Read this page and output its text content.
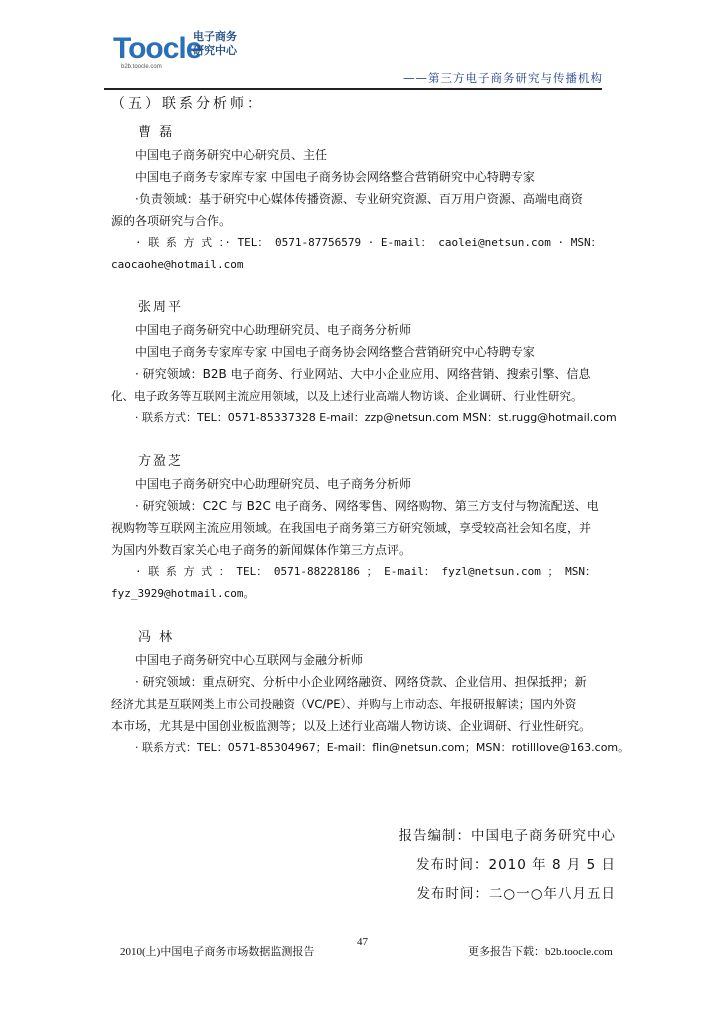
Toocle
电子商务
研究中心
b2b.toocle.com
——第三方电子商务研究与传播机构
（五）联系分析师：
曹 磊
中国电子商务研究中心研究员、主任
中国电子商务专家库专家 中国电子商务协会网络整合营销研究中心特聘专家
·负责领域：基于研究中心媒体传播资源、专业研究资源、百万用户资源、高端电商资
源的各项研究与合作。
· 联 系 方 式 ：· TEL： 0571-87756579 · E-mail： caolei@netsun.com · MSN：
caocaohe@hotmail.com
张周平
中国电子商务研究中心助理研究员、电子商务分析师
中国电子商务专家库专家 中国电子商务协会网络整合营销研究中心特聘专家
· 研究领域：B2B 电子商务、行业网站、大中小企业应用、网络营销、搜索引擎、信息
化、电子政务等互联网主流应用领域，以及上述行业高端人物访谈、企业调研、行业性研究。
· 联系方式：TEL：0571-85337328 E-mail：zzp@netsun.com MSN：st.rugg@hotmail.com
方盈芝
中国电子商务研究中心助理研究员、电子商务分析师
· 研究领域：C2C 与 B2C 电子商务、网络零售、网络购物、第三方支付与物流配送、电
视购物等互联网主流应用领域。在我国电子商务第三方研究领域，享受较高社会知名度，并
为国内外数百家关心电子商务的新闻媒体作第三方点评。
· 联 系 方 式 ： TEL： 0571-88228186 ； E-mail： fyzl@netsun.com ； MSN：
fyz_3929@hotmail.com。
冯 林
中国电子商务研究中心互联网与金融分析师
· 研究领域：重点研究、分析中小企业网络融资、网络贷款、企业信用、担保抵押；新
经济尤其是互联网类上市公司投融资（VC/PE）、并购与上市动态、年报研报解读；国内外资
本市场，尤其是中国创业板监测等；以及上述行业高端人物访谈、企业调研、行业性研究。
· 联系方式：TEL：0571-85304967；E-mail：flin@netsun.com；MSN：rotilllove@163.com。
报告编制：中国电子商务研究中心
发布时间：2010 年 8 月 5 日
发布时间：二○一○年八月五日
47
2010(上)中国电子商务市场数据监测报告	更多报告下载：b2b.toocle.com
